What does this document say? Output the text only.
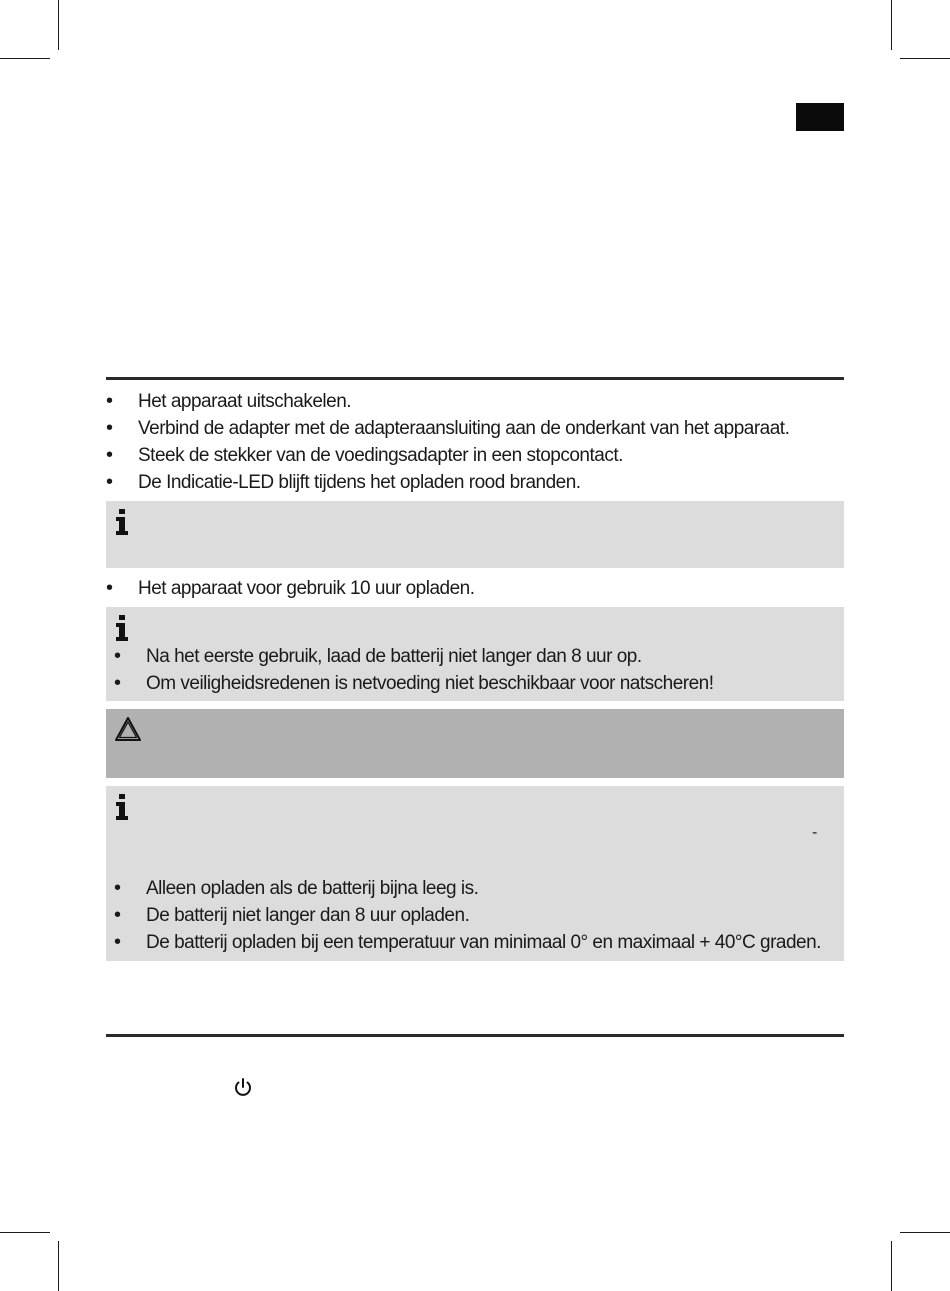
• Het apparaat uitschakelen.
• Verbind de adapter met de adapteraansluiting aan de onderkant van het apparaat.
• Steek de stekker van de voedingsadapter in een stopcontact.
• De Indicatie-LED blijft tijdens het opladen rood branden.
• Het apparaat voor gebruik 10 uur opladen.
• Na het eerste gebruik, laad de batterij niet langer dan 8 uur op.
• Om veiligheidsredenen is netvoeding niet beschikbaar voor natscheren!
-
• Alleen opladen als de batterij bijna leeg is.
• De batterij niet langer dan 8 uur opladen.
• De batterij opladen bij een temperatuur van minimaal 0° en maximaal + 40°C graden.
